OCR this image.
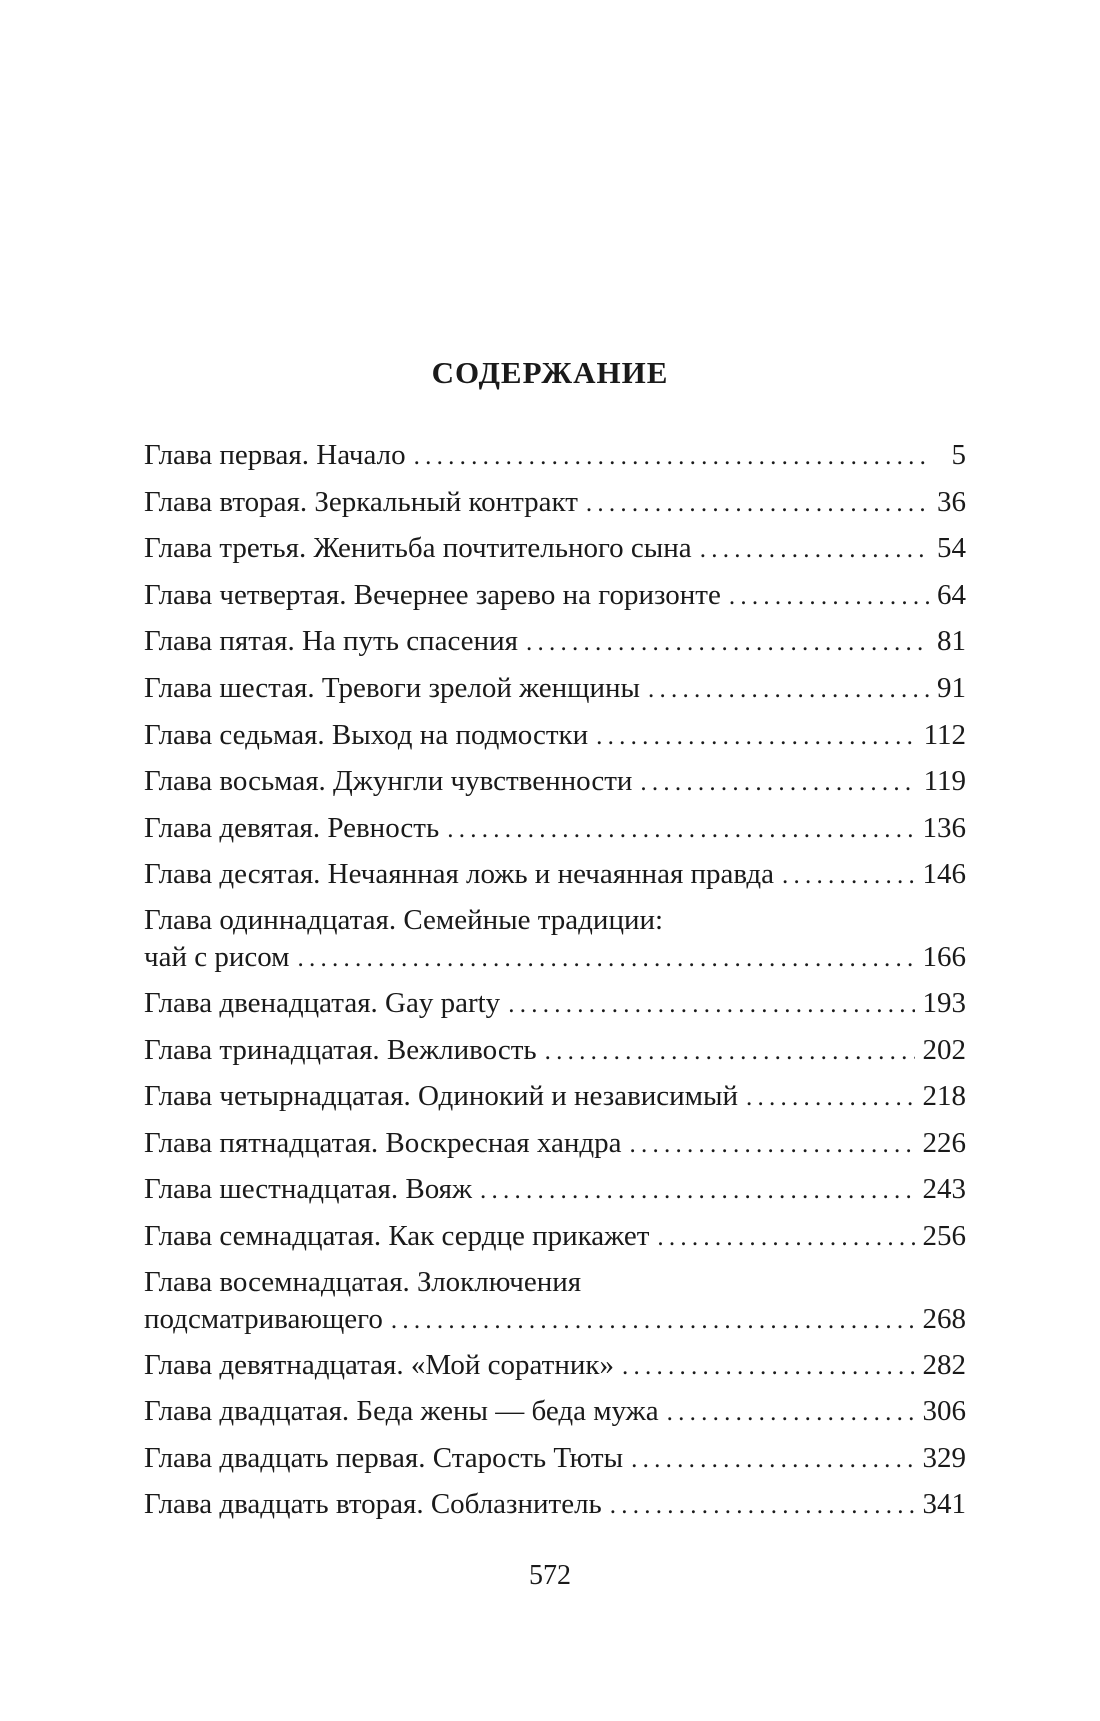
СОДЕРЖАНИЕ
Глава первая. Начало . . .	5
Глава вторая. Зеркальный контракт . . .	36
Глава третья. Женитьба почтительного сына . . .	54
Глава четвертая. Вечернее зарево на горизонте . . .	64
Глава пятая. На путь спасения . . .	81
Глава шестая. Тревоги зрелой женщины . . .	91
Глава седьмая. Выход на подмостки . . .	112
Глава восьмая. Джунгли чувственности . . .	119
Глава девятая. Ревность . . .	136
Глава десятая. Нечаянная ложь и нечаянная правда . . .	146
Глава одиннадцатая. Семейные традиции:
чай с рисом . . .	166
Глава двенадцатая. Gay party . . .	193
Глава тринадцатая. Вежливость . . .	202
Глава четырнадцатая. Одинокий и независимый . . .	218
Глава пятнадцатая. Воскресная хандра . . .	226
Глава шестнадцатая. Вояж . . .	243
Глава семнадцатая. Как сердце прикажет . . .	256
Глава восемнадцатая. Злоключения
подсматривающего . . .	268
Глава девятнадцатая. «Мой соратник» . . .	282
Глава двадцатая. Беда жены — беда мужа . . .	306
Глава двадцать первая. Старость Тюты . . .	329
Глава двадцать вторая. Соблазнитель . . .	341
572
